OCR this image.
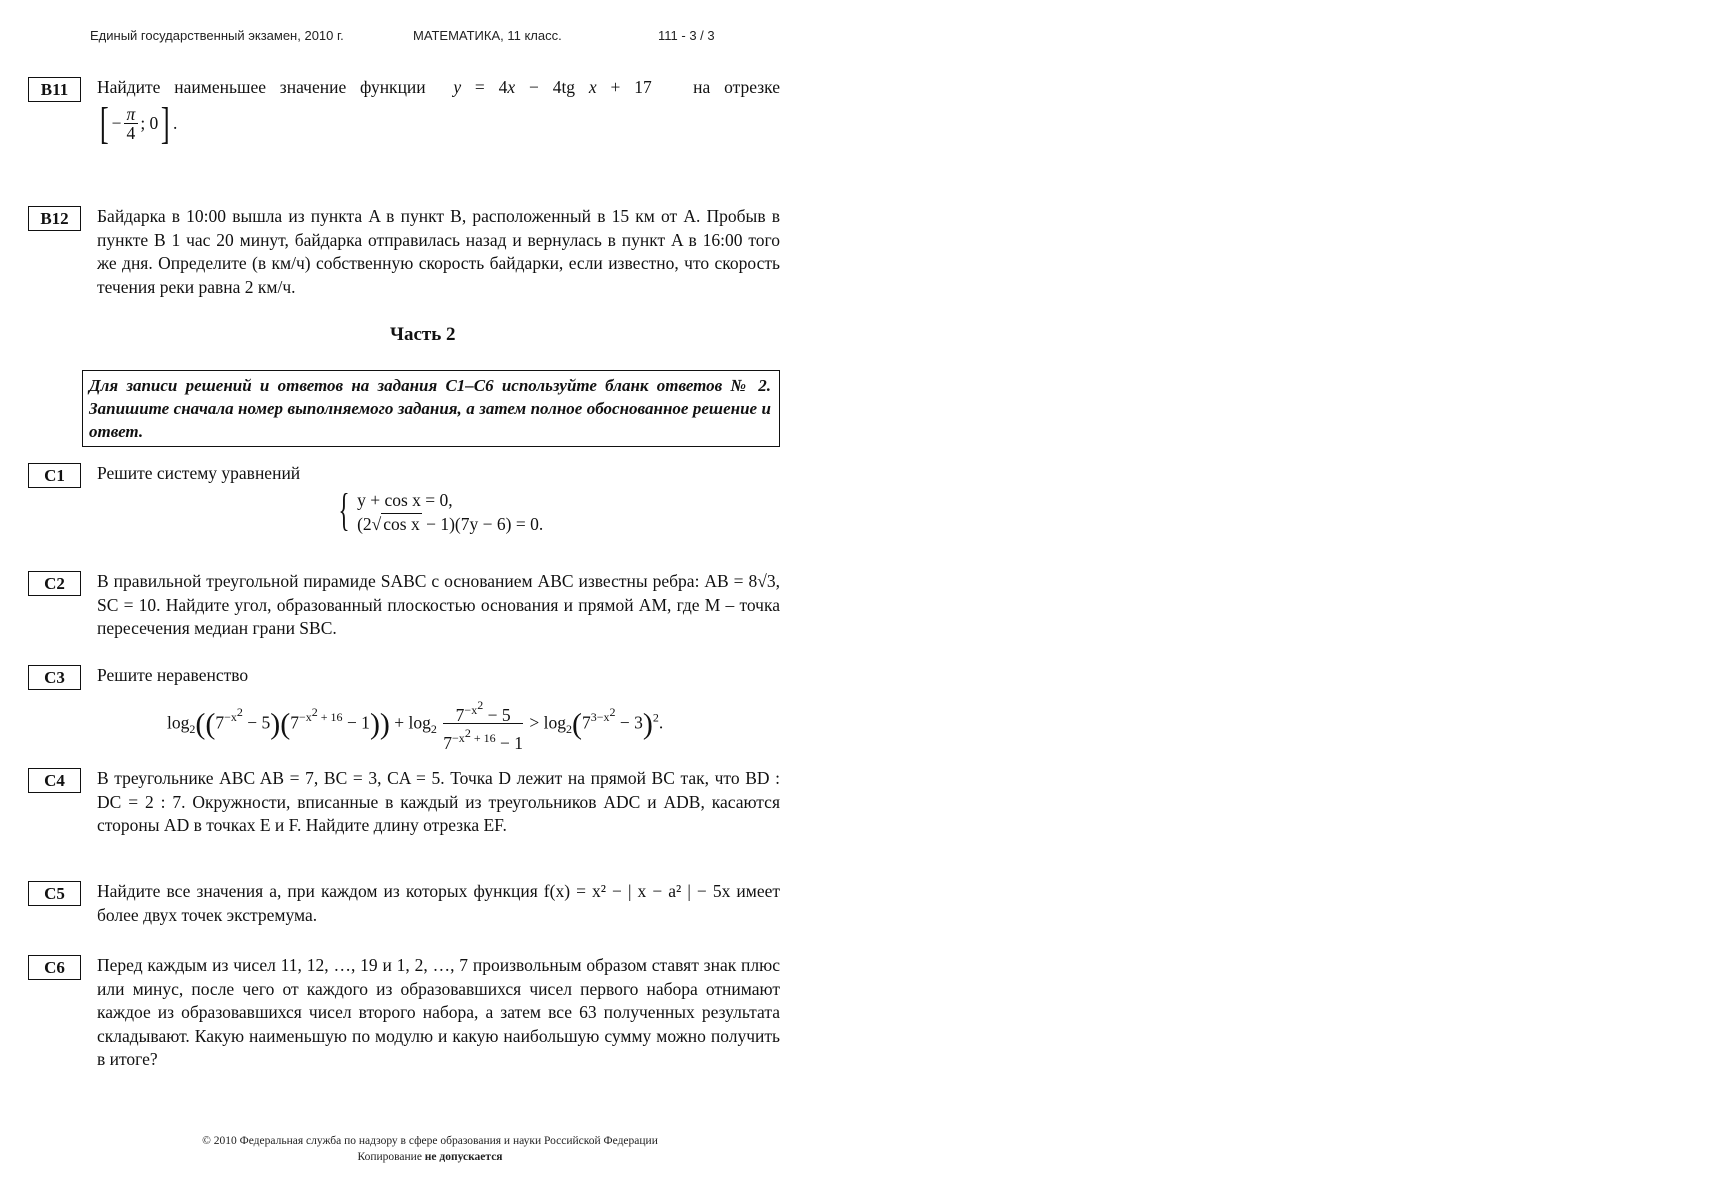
Единый государственный экзамен, 2010 г.	МАТЕМАТИКА, 11 класс.	111 - 3 / 3
B11	Найдите наименьшее значение функции  y = 4x − 4tg x + 17   на отрезке

[ − $\frac{\pi}{4}$ ; 0 ] .
B12	Байдарка в 10:00 вышла из пункта A в пункт B, расположенный в 15 км от A. Пробыв в пункте B 1 час 20 минут, байдарка отправилась назад и вернулась в пункт A в 16:00 того же дня. Определите (в км/ч) собственную скорость байдарки, если известно, что скорость течения реки равна 2 км/ч.
Часть 2
Для записи решений и ответов на задания C1–C6 используйте бланк ответов № 2. Запишите сначала номер выполняемого задания, а затем полное обоснованное решение и ответ.
C1	Решите систему уравнений

{ y + cos x = 0,
(2√ cos x − 1)(7y − 6) = 0.
C2	В правильной треугольной пирамиде SABC с основанием ABC известны ребра: AB = 8√3, SC = 10. Найдите угол, образованный плоскостью основания и прямой AM, где M – точка пересечения медиан грани SBC.
C3	Решите неравенство

$\log_2((7^{-x^2} - 5)(7^{-x^2 + 16} - 1)) + \log_2 \frac{7^{-x^2} - 5}{7^{-x^2 + 16} - 1} > \log_2(7^{3-x^2} - 3)^2$.
C4	В треугольнике ABC AB = 7, BC = 3, CA = 5. Точка D лежит на прямой BC так, что BD : DC = 2 : 7. Окружности, вписанные в каждый из треугольников ADC и ADB, касаются стороны AD в точках E и F. Найдите длину отрезка EF.
C5	Найдите все значения a, при каждом из которых функция f(x) = x² − | x − a² | − 5x имеет более двух точек экстремума.
C6	Перед каждым из чисел 11, 12, …, 19 и 1, 2, …, 7 произвольным образом ставят знак плюс или минус, после чего от каждого из образовавшихся чисел первого набора отнимают каждое из образовавшихся чисел второго набора, а затем все 63 полученных результата складывают. Какую наименьшую по модулю и какую наибольшую сумму можно получить в итоге?
© 2010 Федеральная служба по надзору в сфере образования и науки Российской Федерации
Копирование не допускается
